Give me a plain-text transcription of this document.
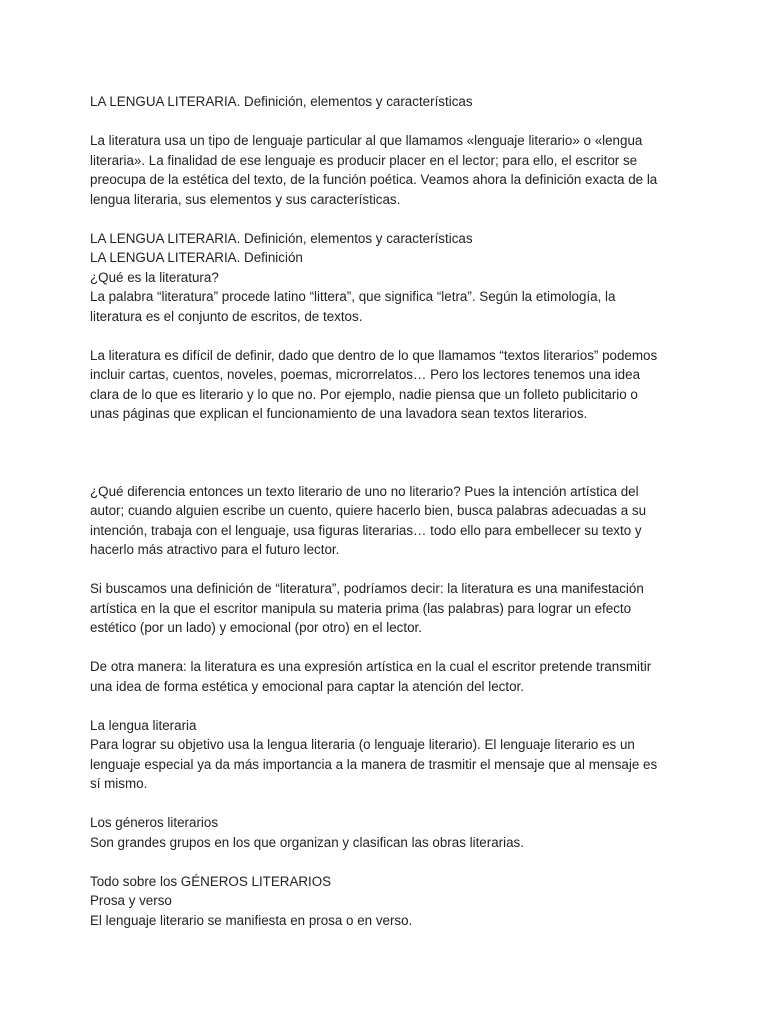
LA LENGUA LITERARIA. Definición, elementos y características

La literatura usa un tipo de lenguaje particular al que llamamos «lenguaje literario» o «lengua
literaria». La finalidad de ese lenguaje es producir placer en el lector; para ello, el escritor se
preocupa de la estética del texto, de la función poética. Veamos ahora la definición exacta de la
lengua literaria, sus elementos y sus características.

LA LENGUA LITERARIA. Definición, elementos y características

LA LENGUA LITERARIA. Definición

¿Qué es la literatura?

La palabra “literatura” procede latino “littera”, que significa “letra”. Según la etimología, la
literatura es el conjunto de escritos, de textos.

La literatura es difícil de definir, dado que dentro de lo que llamamos “textos literarios” podemos
incluir cartas, cuentos, noveles, poemas, microrrelatos… Pero los lectores tenemos una idea
clara de lo que es literario y lo que no. Por ejemplo, nadie piensa que un folleto publicitario o
unas páginas que explican el funcionamiento de una lavadora sean textos literarios.

¿Qué diferencia entonces un texto literario de uno no literario? Pues la intención artística del
autor; cuando alguien escribe un cuento, quiere hacerlo bien, busca palabras adecuadas a su
intención, trabaja con el lenguaje, usa figuras literarias… todo ello para embellecer su texto y
hacerlo más atractivo para el futuro lector.

Si buscamos una definición de “literatura”, podríamos decir: la literatura es una manifestación
artística en la que el escritor manipula su materia prima (las palabras) para lograr un efecto
estético (por un lado) y emocional (por otro) en el lector.

De otra manera: la literatura es una expresión artística en la cual el escritor pretende transmitir
una idea de forma estética y emocional para captar la atención del lector.

La lengua literaria

Para lograr su objetivo usa la lengua literaria (o lenguaje literario). El lenguaje literario es un
lenguaje especial ya da más importancia a la manera de trasmitir el mensaje que al mensaje es
sí mismo.

Los géneros literarios

Son grandes grupos en los que organizan y clasifican las obras literarias.

Todo sobre los GÉNEROS LITERARIOS

Prosa y verso

El lenguaje literario se manifiesta en prosa o en verso.
